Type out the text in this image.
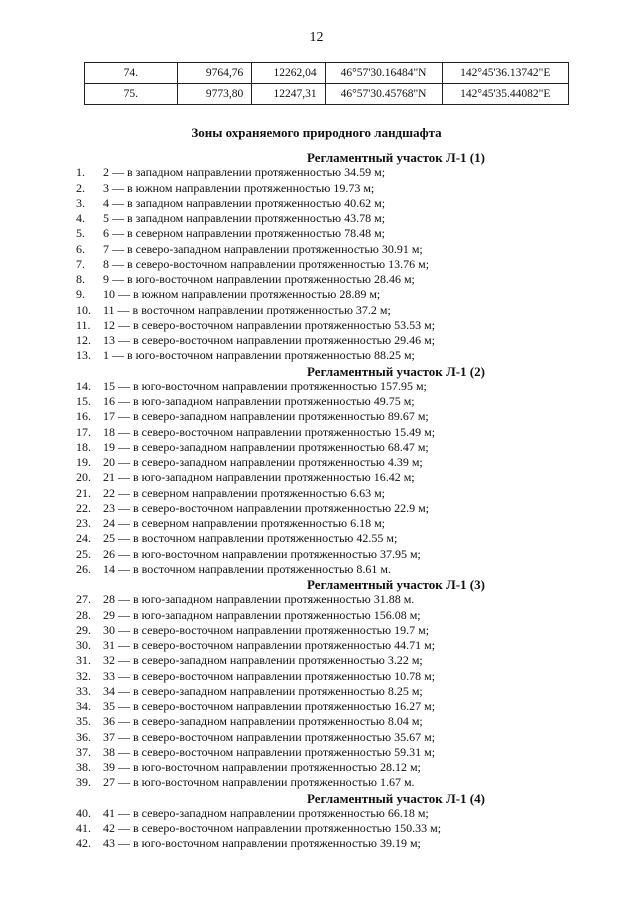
12
74.	9764,76	12262,04	46°57'30.16484"N	142°45'36.13742"E
75.	9773,80	12247,31	46°57'30.45768"N	142°45'35.44082"E
Зоны охраняемого природного ландшафта
Регламентный участок Л-1 (1)
1.	2 — в западном направлении протяженностью 34.59 м;
2.	3 — в южном направлении протяженностью 19.73 м;
3.	4 — в западном направлении протяженностью 40.62 м;
4.	5 — в западном направлении протяженностью 43.78 м;
5.	6 — в северном направлении протяженностью 78.48 м;
6.	7 — в северо-западном направлении протяженностью 30.91 м;
7.	8 — в северо-восточном направлении протяженностью 13.76 м;
8.	9 — в юго-восточном направлении протяженностью 28.46 м;
9.	10 — в южном направлении протяженностью 28.89 м;
10.	11 — в восточном направлении протяженностью 37.2 м;
11.	12 — в северо-восточном направлении протяженностью 53.53 м;
12.	13 — в северо-восточном направлении протяженностью 29.46 м;
13.	1 — в юго-восточном направлении протяженностью 88.25 м;
Регламентный участок Л-1 (2)
14.	15 — в юго-восточном направлении протяженностью 157.95 м;
15.	16 — в юго-западном направлении протяженностью 49.75 м;
16.	17 — в северо-западном направлении протяженностью 89.67 м;
17.	18 — в северо-восточном направлении протяженностью 15.49 м;
18.	19 — в северо-западном направлении протяженностью 68.47 м;
19.	20 — в северо-западном направлении протяженностью 4.39 м;
20.	21 — в юго-западном направлении протяженностью 16.42 м;
21.	22 — в северном направлении протяженностью 6.63 м;
22.	23 — в северо-восточном направлении протяженностью 22.9 м;
23.	24 — в северном направлении протяженностью 6.18 м;
24.	25 — в восточном направлении протяженностью 42.55 м;
25.	26 — в юго-восточном направлении протяженностью 37.95 м;
26.	14 — в восточном направлении протяженностью 8.61 м.
Регламентный участок Л-1 (3)
27.	28 — в юго-западном направлении протяженностью 31.88 м.
28.	29 — в юго-западном направлении протяженностью 156.08 м;
29.	30 — в северо-восточном направлении протяженностью 19.7 м;
30.	31 — в северо-восточном направлении протяженностью 44.71 м;
31.	32 — в северо-западном направлении протяженностью 3.22 м;
32.	33 — в северо-восточном направлении протяженностью 10.78 м;
33.	34 — в северо-западном направлении протяженностью 8.25 м;
34.	35 — в северо-восточном направлении протяженностью 16.27 м;
35.	36 — в северо-западном направлении протяженностью 8.04 м;
36.	37 — в северо-восточном направлении протяженностью 35.67 м;
37.	38 — в северо-восточном направлении протяженностью 59.31 м;
38.	39 — в юго-восточном направлении протяженностью 28.12 м;
39.	27 — в юго-восточном направлении протяженностью 1.67 м.
Регламентный участок Л-1 (4)
40.	41 — в северо-западном направлении протяженностью 66.18 м;
41.	42 — в северо-восточном направлении протяженностью 150.33 м;
42.	43 — в юго-восточном направлении протяженностью 39.19 м;
